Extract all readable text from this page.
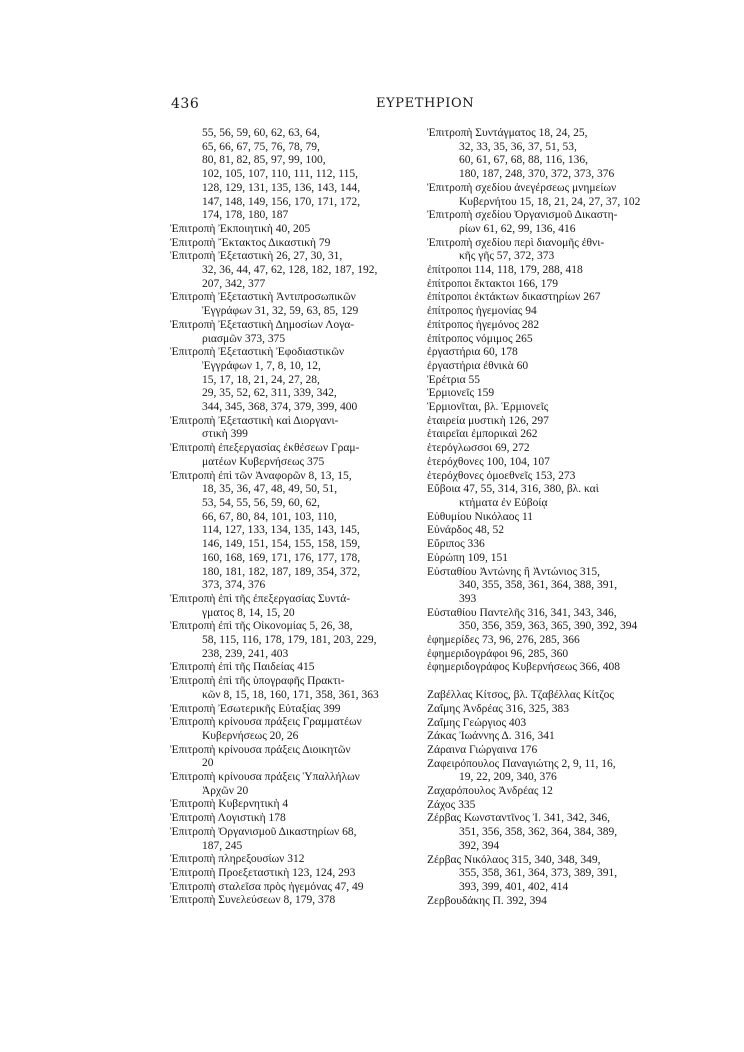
436	ΕΥΡΕΤΗΡΙΟΝ
55, 56, 59, 60, 62, 63, 64,
65, 66, 67, 75, 76, 78, 79,
80, 81, 82, 85, 97, 99, 100,
102, 105, 107, 110, 111, 112, 115,
128, 129, 131, 135, 136, 143, 144,
147, 148, 149, 156, 170, 171, 172,
174, 178, 180, 187
Ἐπιτροπὴ Ἐκποιητικὴ 40, 205
Ἐπιτροπὴ Ἔκτακτος Δικαστικὴ 79
Ἐπιτροπὴ Ἐξεταστικὴ 26, 27, 30, 31,
32, 36, 44, 47, 62, 128, 182, 187, 192,
207, 342, 377
Ἐπιτροπὴ Ἐξεταστικὴ Ἀντιπροσωπικῶν
Ἐγγράφων 31, 32, 59, 63, 85, 129
Ἐπιτροπὴ Ἐξεταστικὴ Δημοσίων Λογα-
ριασμῶν 373, 375
Ἐπιτροπὴ Ἐξεταστικὴ Ἐφοδιαστικῶν
Ἐγγράφων 1, 7, 8, 10, 12,
15, 17, 18, 21, 24, 27, 28,
29, 35, 52, 62, 311, 339, 342,
344, 345, 368, 374, 379, 399, 400
Ἐπιτροπὴ Ἐξεταστικὴ καὶ Διοργανι-
στικὴ 399
Ἐπιτροπὴ ἐπεξεργασίας ἐκθέσεων Γραμ-
ματέων Κυβερνήσεως 375
Ἐπιτροπὴ ἐπὶ τῶν Ἀναφορῶν 8, 13, 15,
18, 35, 36, 47, 48, 49, 50, 51,
53, 54, 55, 56, 59, 60, 62,
66, 67, 80, 84, 101, 103, 110,
114, 127, 133, 134, 135, 143, 145,
146, 149, 151, 154, 155, 158, 159,
160, 168, 169, 171, 176, 177, 178,
180, 181, 182, 187, 189, 354, 372,
373, 374, 376
Ἐπιτροπὴ ἐπὶ τῆς ἐπεξεργασίας Συντά-
γματος 8, 14, 15, 20
Ἐπιτροπὴ ἐπὶ τῆς Οἰκονομίας 5, 26, 38,
58, 115, 116, 178, 179, 181, 203, 229,
238, 239, 241, 403
Ἐπιτροπὴ ἐπὶ τῆς Παιδείας 415
Ἐπιτροπὴ ἐπὶ τῆς ὑπογραφῆς Πρακτι-
κῶν 8, 15, 18, 160, 171, 358, 361, 363
Ἐπιτροπὴ Ἐσωτερικῆς Εὐταξίας 399
Ἐπιτροπὴ κρίνουσα πράξεις Γραμματέων
Κυβερνήσεως 20, 26
Ἐπιτροπὴ κρίνουσα πράξεις Διοικητῶν
20
Ἐπιτροπὴ κρίνουσα πράξεις Ὑπαλλήλων
Ἀρχῶν 20
Ἐπιτροπὴ Κυβερνητικὴ 4
Ἐπιτροπὴ Λογιστικὴ 178
Ἐπιτροπὴ Ὀργανισμοῦ Δικαστηρίων 68,
187, 245
Ἐπιτροπὴ πληρεξουσίων 312
Ἐπιτροπὴ Προεξεταστικὴ 123, 124, 293
Ἐπιτροπὴ σταλεῖσα πρὸς ἡγεμόνας 47, 49
Ἐπιτροπὴ Συνελεύσεων 8, 179, 378
Ἐπιτροπὴ Συντάγματος 18, 24, 25,
32, 33, 35, 36, 37, 51, 53,
60, 61, 67, 68, 88, 116, 136,
180, 187, 248, 370, 372, 373, 376
Ἐπιτροπὴ σχεδίου ἀνεγέρσεως μνημείων
Κυβερνήτου 15, 18, 21, 24, 27, 37, 102
Ἐπιτροπὴ σχεδίου Ὀργανισμοῦ Δικαστη-
ρίων 61, 62, 99, 136, 416
Ἐπιτροπὴ σχεδίου περὶ διανομῆς ἐθνι-
κῆς γῆς 57, 372, 373
ἐπίτροποι 114, 118, 179, 288, 418
ἐπίτροποι ἔκτακτοι 166, 179
ἐπίτροποι ἐκτάκτων δικαστηρίων 267
ἐπίτροπος ἡγεμονίας 94
ἐπίτροπος ἡγεμόνος 282
ἐπίτροπος νόμιμος 265
ἐργαστήρια 60, 178
ἐργαστήρια ἐθνικὰ 60
Ἐρέτρια 55
Ἑρμιονεῖς 159
Ἑρμιονῖται, βλ. Ἑρμιονεῖς
ἑταιρεία μυστικὴ 126, 297
ἑταιρεῖαι ἐμπορικαὶ 262
ἑτερόγλωσσοι 69, 272
ἑτερόχθονες 100, 104, 107
ἑτερόχθονες ὁμοεθνεῖς 153, 273
Εὔβοια 47, 55, 314, 316, 380, βλ. καὶ
κτήματα ἐν Εὐβοίᾳ
Εὐθυμίου Νικόλαος 11
Εὐνάρδος 48, 52
Εὔριπος 336
Εὐρώπη 109, 151
Εὐσταθίου Ἀντώνης ἢ Ἀντώνιος 315,
340, 355, 358, 361, 364, 388, 391,
393
Εὐσταθίου Παντελῆς 316, 341, 343, 346,
350, 356, 359, 363, 365, 390, 392, 394
ἐφημερίδες 73, 96, 276, 285, 366
ἐφημεριδογράφοι 96, 285, 360
ἐφημεριδογράφος Κυβερνήσεως 366, 408
Ζαβέλλας Κίτσος, βλ. Τζαβέλλας Κίτζος
Ζαΐμης Ἀνδρέας 316, 325, 383
Ζαΐμης Γεώργιος 403
Ζάκας Ἰωάννης Δ. 316, 341
Ζάραινα Γιώργαινα 176
Ζαφειρόπουλος Παναγιώτης 2, 9, 11, 16,
19, 22, 209, 340, 376
Ζαχαρόπουλος Ἀνδρέας 12
Ζάχος 335
Ζέρβας Κωνσταντῖνος Ἰ. 341, 342, 346,
351, 356, 358, 362, 364, 384, 389,
392, 394
Ζέρβας Νικόλαος 315, 340, 348, 349,
355, 358, 361, 364, 373, 389, 391,
393, 399, 401, 402, 414
Ζερβουδάκης Π. 392, 394
